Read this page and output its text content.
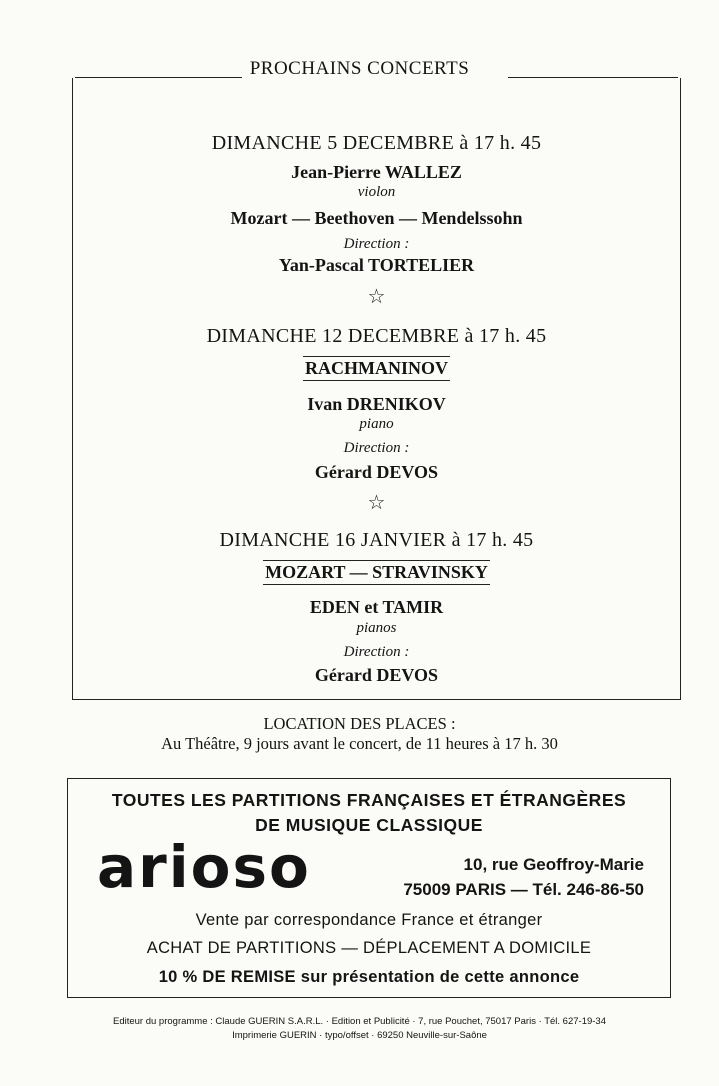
PROCHAINS CONCERTS
DIMANCHE 5 DECEMBRE à 17 h. 45
Jean-Pierre WALLEZ
violon
Mozart — Beethoven — Mendelssohn
Direction :
Yan-Pascal TORTELIER
☆
DIMANCHE 12 DECEMBRE à 17 h. 45
RACHMANINOV
Ivan DRENIKOV
piano
Direction :
Gérard DEVOS
☆
DIMANCHE 16 JANVIER à 17 h. 45
MOZART — STRAVINSKY
EDEN et TAMIR
pianos
Direction :
Gérard DEVOS
LOCATION DES PLACES :
Au Théâtre, 9 jours avant le concert, de 11 heures à 17 h. 30
TOUTES LES PARTITIONS FRANÇAISES ET ÉTRANGÈRES
DE MUSIQUE CLASSIQUE
arioso	10, rue Geoffroy-Marie
75009 PARIS — Tél. 246-86-50
Vente par correspondance France et étranger
ACHAT DE PARTITIONS — DÉPLACEMENT A DOMICILE
10 % DE REMISE sur présentation de cette annonce
Editeur du programme : Claude GUERIN S.A.R.L. · Edition et Publicité · 7, rue Pouchet, 75017 Paris · Tél. 627-19-34
Imprimerie GUERIN · typo/offset · 69250 Neuville-sur-Saône
